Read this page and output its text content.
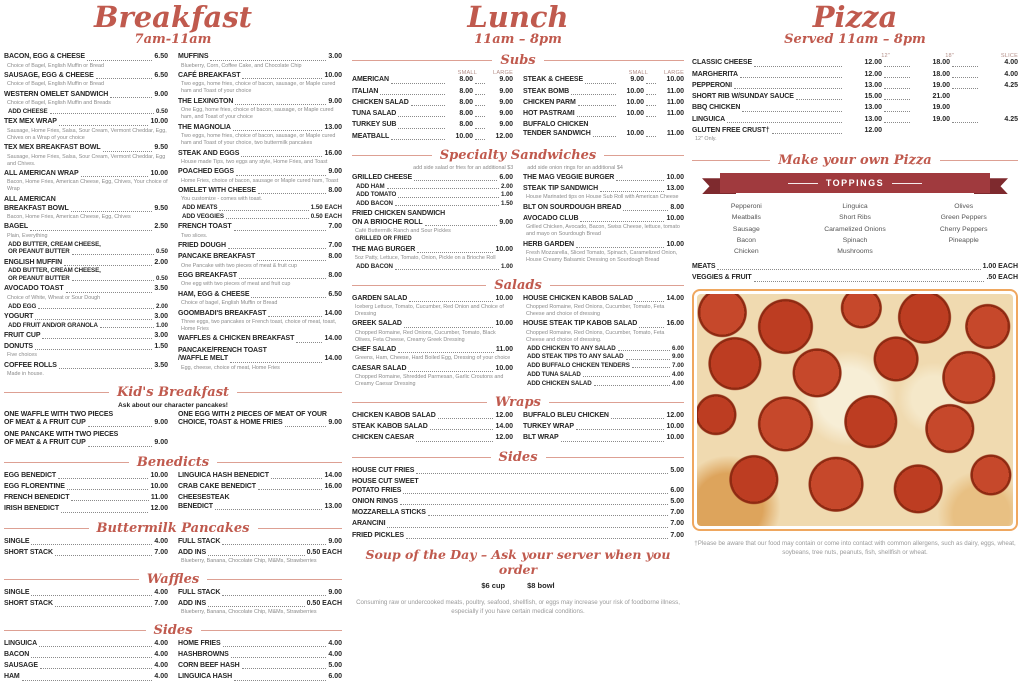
Breakfast
7am-11am
BACON, EGG & CHEESE	6.50
Choice of Bagel, English Muffin or Bread
SAUSAGE, EGG & CHEESE	6.50
Choice of Bagel, English Muffin or Bread
WESTERN OMELET SANDWICH	9.00
Choice of Bagel, English Muffin and Breads
ADD CHEESE	0.50
TEX MEX WRAP	10.00
Sausage, Home Fries, Salsa, Sour Cream, Vermont Cheddar, Egg, Chives on a Wrap of your choice
TEX MEX BREAKFAST BOWL	9.50
Sausage, Home Fries, Salsa, Sour Cream, Vermont Cheddar, Egg and Chives.
ALL AMERICAN WRAP	10.00
Bacon, Home Fries, American Cheese, Egg, Chives, Your choice of Wrap
ALL AMERICAN
BREAKFAST BOWL	9.50
Bacon, Home Fries, American Cheese, Egg, Chives
BAGEL	2.50
Plain, Everything
ADD BUTTER, CREAM CHEESE,
OR PEANUT BUTTER	0.50
ENGLISH MUFFIN	2.00
ADD BUTTER, CREAM CHEESE,
OR PEANUT BUTTER	0.50
AVOCADO TOAST	3.50
Choice of White, Wheat or Sour Dough
ADD EGG	2.00
YOGURT	3.00
ADD FRUIT AND/OR GRANOLA	1.00
FRUIT CUP	3.00
DONUTS	1.50
Five choices
COFFEE ROLLS	3.50
Made in house.
MUFFINS	3.00
Blueberry, Corn, Coffee Cake, and Chocolate Chip
CAFÉ BREAKFAST	10.00
Two eggs, home fries, choice of bacon, sausage, or Maple cured ham and Toast of your choice
THE LEXINGTON	9.00
One Egg, home fries, choice of bacon, sausage, or Maple cured ham, and Toast of your choice
THE MAGNOLIA	13.00
Two eggs, home fries, choice of bacon, sausage, or Maple cured ham and Toast of your choice, two buttermilk pancakes
STEAK AND EGGS	16.00
House made Tips, two eggs any style, Home Fries, and Toast
POACHED EGGS	9.00
Home Fries, choice of bacon, sausage or Maple cured ham, Toast
OMELET WITH CHEESE	8.00
You customize - comes with toast.
ADD MEATS	1.50 EACH
ADD VEGGIES	0.50 EACH
FRENCH TOAST	7.00
Two slices.
FRIED DOUGH	7.00
PANCAKE BREAKFAST	8.00
One Pancake with two pieces of meat & fruit cup
EGG BREAKFAST	8.00
One egg with two pieces of meat and fruit cup
HAM, EGG & CHEESE	6.50
Choice of bagel, English Muffin or Bread
GOOMBADI'S BREAKFAST	14.00
Three eggs, two pancakes or French toast, choice of meat, toast, Home Fries
WAFFLES & CHICKEN BREAKFAST	14.00
PANCAKE/FRENCH TOAST
/WAFFLE MELT	14.00
Egg, cheese, choice of meat, Home Fries
Kid's Breakfast
Ask about our character pancakes!
ONE WAFFLE WITH TWO PIECES
OF MEAT & A FRUIT CUP	9.00
ONE PANCAKE WITH TWO PIECES
OF MEAT & A FRUIT CUP	9.00
ONE EGG WITH 2 PIECES OF MEAT OF YOUR
CHOICE, TOAST & HOME FRIES	9.00
Benedicts
EGG BENEDICT	10.00
EGG FLORENTINE	10.00
FRENCH BENEDICT	11.00
IRISH BENEDICT	12.00
LINGUICA HASH BENEDICT	14.00
CRAB CAKE BENEDICT	16.00
CHEESESTEAK
BENEDICT	13.00
Buttermilk Pancakes
SINGLE	4.00
SHORT STACK	7.00
FULL STACK	9.00
ADD INS	0.50 EACH
Blueberry, Banana, Chocolate Chip, M&Ms, Strawberries
Waffles
SINGLE	4.00
SHORT STACK	7.00
FULL STACK	9.00
ADD INS	0.50 EACH
Blueberry, Banana, Chocolate Chip, M&Ms, Strawberries
Sides
LINGUICA	4.00
BACON	4.00
SAUSAGE	4.00
HAM	4.00
HOME FRIES	4.00
HASHBROWNS	4.00
CORN BEEF HASH	5.00
LINGUICA HASH	6.00
Lunch
11am – 8pm
Subs
SMALL	LARGE
AMERICAN	8.00	9.00
ITALIAN	8.00	9.00
CHICKEN SALAD	8.00	9.00
TUNA SALAD	8.00	9.00
TURKEY SUB	8.00	9.00
MEATBALL	10.00	12.00
SMALL	LARGE
STEAK & CHEESE	9.00	10.00
STEAK BOMB	10.00	11.00
CHICKEN PARM	10.00	11.00
HOT PASTRAMI	10.00	11.00
BUFFALO CHICKEN
TENDER SANDWICH	10.00	11.00
Specialty Sandwiches
add side salad or fries for an additional $3	add side onion rings for an additional $4
GRILLED CHEESE	6.00
ADD HAM	2.00
ADD TOMATO	1.00
ADD BACON	1.50
FRIED CHICKEN SANDWICH
ON A BRIOCHE ROLL	9.00
Café Buttermilk Ranch and Sour Pickles
GRILLED OR FRIED
THE MAG BURGER	10.00
5oz Patty, Lettuce, Tomato, Onion, Pickle on a Brioche Roll
ADD BACON	1.00
THE MAG VEGGIE BURGER	10.00
STEAK TIP SANDWICH	13.00
House Marinated tips on House Sub Roll with American Cheese
BLT ON SOURDOUGH BREAD	8.00
AVOCADO CLUB	10.00
Grilled Chicken, Avocado, Bacon, Swiss Cheese, lettuce, tomato and mayo on Sourdough Bread
HERB GARDEN	10.00
Fresh Mozzarella, Sliced Tomato, Spinach, Caramelized Onion, House Creamy Balsamic Dressing on Sourdough Bread
Salads
GARDEN SALAD	10.00
Iceberg Lettuce, Tomato, Cucumber, Red Onion and Choice of Dressing
GREEK SALAD	10.00
Chopped Romaine, Red Onions, Cucumber, Tomato, Black Olives, Feta Cheese, Creamy Greek Dressing
CHEF SALAD	11.00
Greens, Ham, Cheese, Hard Boiled Egg, Dressing of your choice
CAESAR SALAD	10.00
Chopped Romaine, Shredded Parmesan, Garlic Croutons and Creamy Caesar Dressing
HOUSE CHICKEN KABOB SALAD	14.00
Chopped Romaine, Red Onions, Cucumber, Tomato, Feta Cheese and choice of dressing
HOUSE STEAK TIP KABOB SALAD	16.00
Chopped Romaine, Red Onions, Cucumber, Tomato, Feta Cheese and choice of dressing.
ADD CHICKEN TO ANY SALAD	6.00
ADD STEAK TIPS TO ANY SALAD	9.00
ADD BUFFALO CHICKEN TENDERS	7.00
ADD TUNA SALAD	4.00
ADD CHICKEN SALAD	4.00
Wraps
CHICKEN KABOB SALAD	12.00
STEAK KABOB SALAD	14.00
CHICKEN CAESAR	12.00
BUFFALO BLEU CHICKEN	12.00
TURKEY WRAP	10.00
BLT WRAP	10.00
Sides
HOUSE CUT FRIES	5.00
HOUSE CUT SWEET
POTATO FRIES	6.00
ONION RINGS	5.00
MOZZARELLA STICKS	7.00
ARANCINI	7.00
FRIED PICKLES	7.00
Soup of the Day – Ask your server when you order
$6 cup	$8 bowl
Consuming raw or undercooked meats, poultry, seafood, shellfish, or eggs may increase your risk of foodborne illness, especially if you have certain medical conditions.
Pizza
Served 11am – 8pm
12"	18"	SLICE
CLASSIC CHEESE	12.00	18.00	4.00
MARGHERITA	12.00	18.00	4.00
PEPPERONI	13.00	19.00	4.25
SHORT RIB W/SUNDAY SAUCE	15.00	21.00
BBQ CHICKEN	13.00	19.00
LINGUICA	13.00	19.00	4.25
GLUTEN FREE CRUST†	12.00
12" Only.
Make your own Pizza
TOPPINGS
Pepperoni
Meatballs
Sausage
Bacon
Chicken
Linguica
Short Ribs
Caramelized Onions
Spinach
Mushrooms
Olives
Green Peppers
Cherry Peppers
Pineapple
MEATS	1.00 EACH
VEGGIES & FRUIT	.50 EACH
†Please be aware that our food may contain or come into contact with common allergens, such as dairy, eggs, wheat, soybeans, tree nuts, peanuts, fish, shellfish or wheat.
